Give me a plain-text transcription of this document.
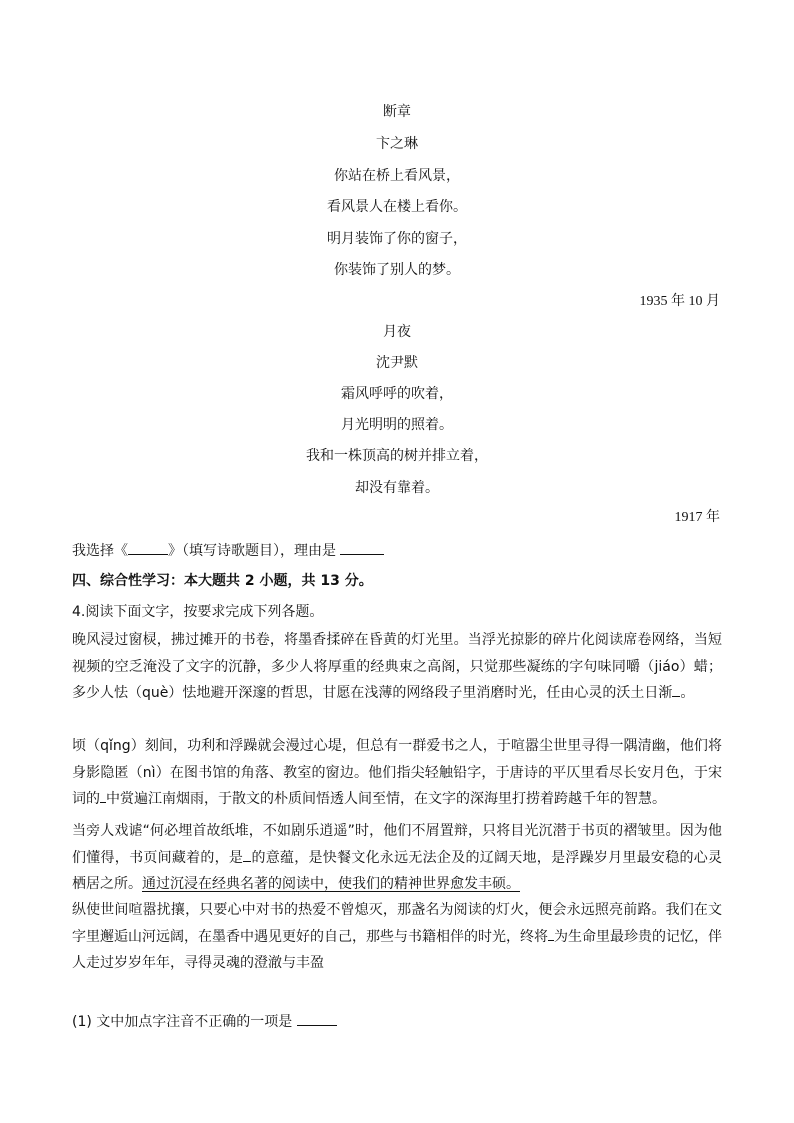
断章
卞之琳
你站在桥上看风景，
看风景人在楼上看你。
明月装饰了你的窗子，
你装饰了别人的梦。
1935 年 10 月
月夜
沈尹默
霜风呼呼的吹着，
月光明明的照着。
我和一株顶高的树并排立着，
却没有靠着。
1917 年
我选择《	》（填写诗歌题目），理由是
四、综合性学习：本大题共 2 小题，共 13 分。
4.阅读下面文字，按要求完成下列各题。
晚风浸过窗棂，拂过摊开的书卷，将墨香揉碎在昏黄的灯光里。当浮光掠影的碎片化阅读席卷网络，当短视频的空乏淹没了文字的沉静，多少人将厚重的经典束之高阁，只觉那些凝练的字句味同嚼（jiáo）蜡；多少人怯（què）怯地避开深邃的哲思，甘愿在浅薄的网络段子里消磨时光，任由心灵的沃土日渐 。
顷（qǐng）刻间，功利和浮躁就会漫过心堤，但总有一群爱书之人，于喧嚣尘世里寻得一隅清幽，他们将身影隐匿（nì）在图书馆的角落、教室的窗边。他们指尖轻触铅字，于唐诗的平仄里看尽长安月色，于宋词的 中赏遍江南烟雨，于散文的朴质间悟透人间至情，在文字的深海里打捞着跨越千年的智慧。
当旁人戏谑“何必埋首故纸堆，不如剧乐逍遥”时，他们不屑置辩，只将目光沉潜于书页的褶皱里。因为他们懂得，书页间藏着的，是 的意蕴，是快餐文化永远无法企及的辽阔天地，是浮躁岁月里最安稳的心灵栖居之所。通过沉浸在经典名著的阅读中，使我们的精神世界愈发丰硕。
纵使世间喧嚣扰攘，只要心中对书的热爱不曾熄灭，那盏名为阅读的灯火，便会永远照亮前路。我们在文字里邂逅山河远阔，在墨香中遇见更好的自己，那些与书籍相伴的时光，终将 为生命里最珍贵的记忆，伴人走过岁岁年年，寻得灵魂的澄澈与丰盈
(1) 文中加点字注音不正确的一项是
